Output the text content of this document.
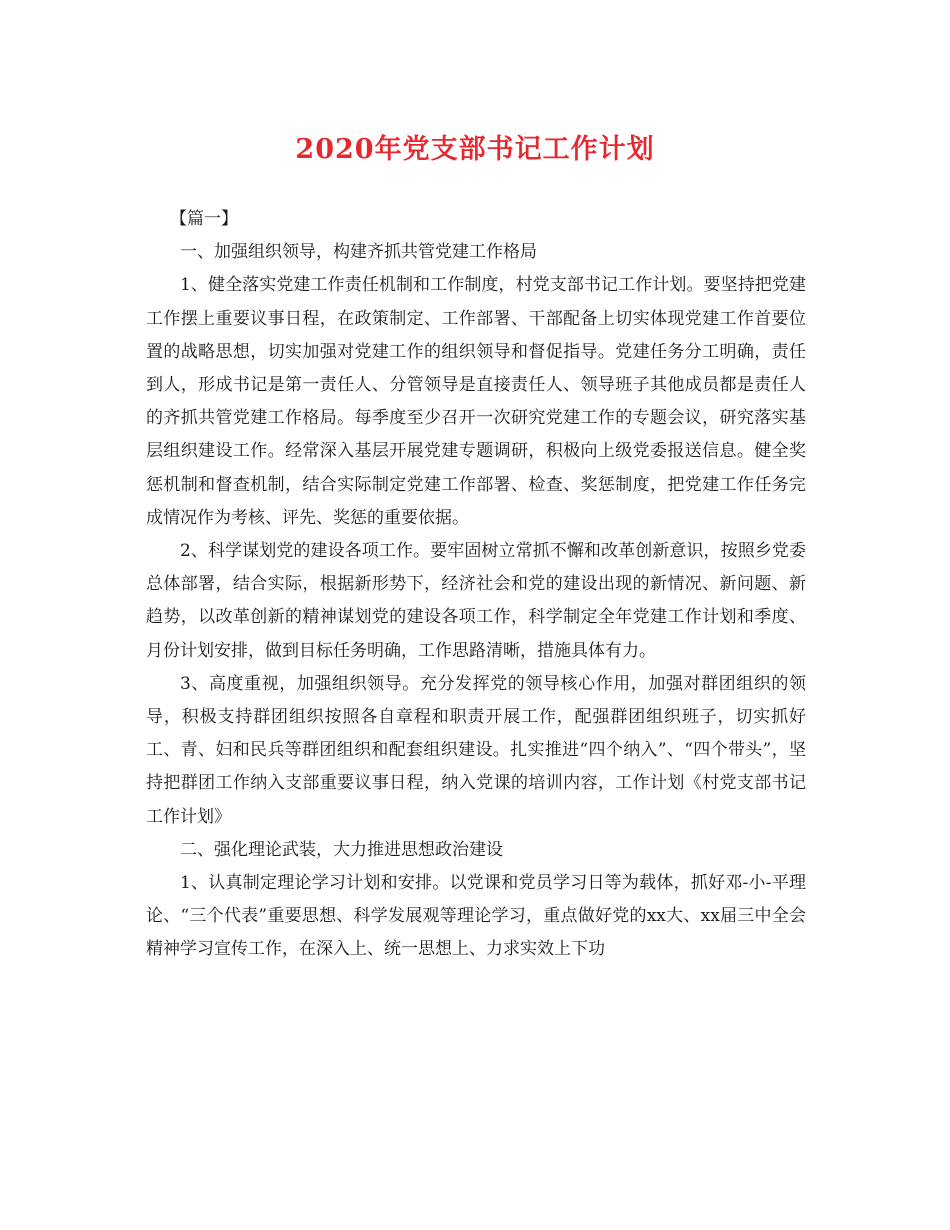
2020年党支部书记工作计划

【篇一】

一、加强组织领导，构建齐抓共管党建工作格局

1、健全落实党建工作责任机制和工作制度，村党支部书记工作计划。要坚持把党建工作摆上重要议事日程，在政策制定、工作部署、干部配备上切实体现党建工作首要位置的战略思想，切实加强对党建工作的组织领导和督促指导。党建任务分工明确，责任到人，形成书记是第一责任人、分管领导是直接责任人、领导班子其他成员都是责任人的齐抓共管党建工作格局。每季度至少召开一次研究党建工作的专题会议，研究落实基层组织建设工作。经常深入基层开展党建专题调研，积极向上级党委报送信息。健全奖惩机制和督查机制，结合实际制定党建工作部署、检查、奖惩制度，把党建工作任务完成情况作为考核、评先、奖惩的重要依据。

2、科学谋划党的建设各项工作。要牢固树立常抓不懈和改革创新意识，按照乡党委总体部署，结合实际，根据新形势下，经济社会和党的建设出现的新情况、新问题、新趋势，以改革创新的精神谋划党的建设各项工作，科学制定全年党建工作计划和季度、月份计划安排，做到目标任务明确，工作思路清晰，措施具体有力。

3、高度重视，加强组织领导。充分发挥党的领导核心作用，加强对群团组织的领导，积极支持群团组织按照各自章程和职责开展工作，配强群团组织班子，切实抓好工、青、妇和民兵等群团组织和配套组织建设。扎实推进“四个纳入”、“四个带头”，坚持把群团工作纳入支部重要议事日程，纳入党课的培训内容，工作计划《村党支部书记工作计划》

二、强化理论武装，大力推进思想政治建设

1、认真制定理论学习计划和安排。以党课和党员学习日等为载体，抓好邓-小-平理论、“三个代表”重要思想、科学发展观等理论学习，重点做好党的xx大、xx届三中全会精神学习宣传工作，在深入上、统一思想上、力求实效上下功
